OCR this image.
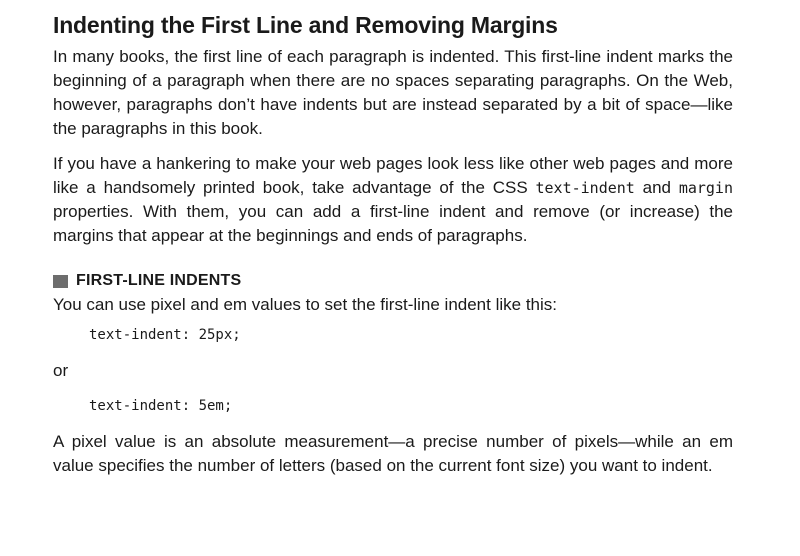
Indenting the First Line and Removing Margins

In many books, the first line of each paragraph is indented. This first-line indent marks the beginning of a paragraph when there are no spaces separating paragraphs. On the Web, however, paragraphs don’t have indents but are instead separated by a bit of space—like the paragraphs in this book.

If you have a hankering to make your web pages look less like other web pages and more like a handsomely printed book, take advantage of the CSS text-indent and margin properties. With them, you can add a first-line indent and remove (or increase) the margins that appear at the beginnings and ends of paragraphs.

FIRST-LINE INDENTS

You can use pixel and em values to set the first-line indent like this:

text-indent: 25px;

or

text-indent: 5em;

A pixel value is an absolute measurement—a precise number of pixels—while an em value specifies the number of letters (based on the current font size) you want to indent.
